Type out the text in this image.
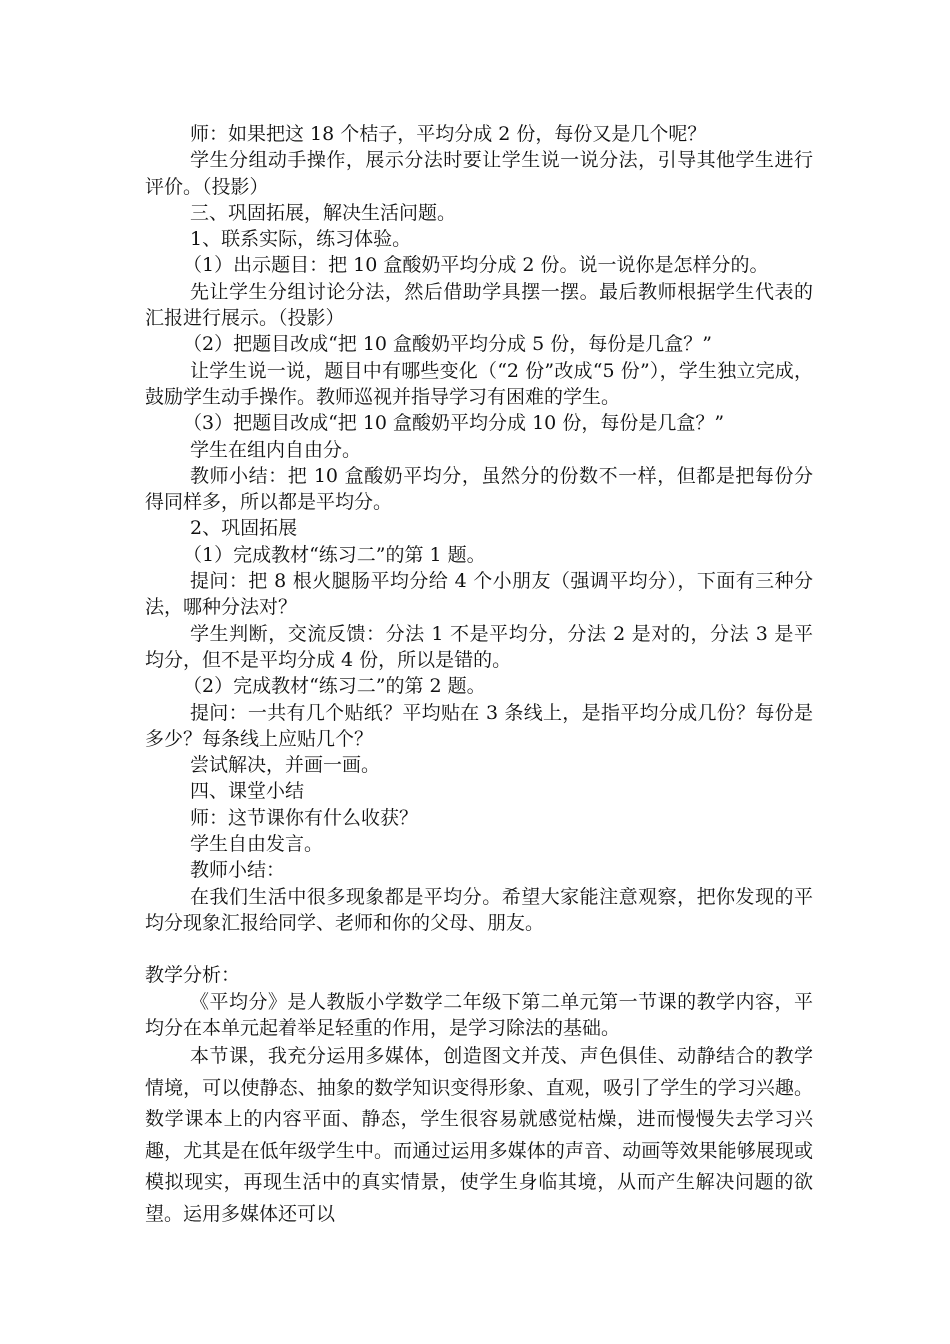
师：如果把这 18 个桔子，平均分成 2 份，每份又是几个呢？

学生分组动手操作，展示分法时要让学生说一说分法，引导其他学生进行评价。（投影）

三、巩固拓展，解决生活问题。

1、联系实际，练习体验。

（1）出示题目：把 10 盒酸奶平均分成 2 份。说一说你是怎样分的。

先让学生分组讨论分法，然后借助学具摆一摆。最后教师根据学生代表的汇报进行展示。（投影）

（2）把题目改成“把 10 盒酸奶平均分成 5 份，每份是几盒？”

让学生说一说，题目中有哪些变化（“2 份”改成“5 份”），学生独立完成，鼓励学生动手操作。教师巡视并指导学习有困难的学生。

（3）把题目改成“把 10 盒酸奶平均分成 10 份，每份是几盒？”

学生在组内自由分。

教师小结：把 10 盒酸奶平均分，虽然分的份数不一样，但都是把每份分得同样多，所以都是平均分。

2、巩固拓展

（1）完成教材“练习二”的第 1 题。

提问：把 8 根火腿肠平均分给 4 个小朋友（强调平均分），下面有三种分法，哪种分法对？

学生判断，交流反馈：分法 1 不是平均分，分法 2 是对的，分法 3 是平均分，但不是平均分成 4 份，所以是错的。

（2）完成教材“练习二”的第 2 题。

提问：一共有几个贴纸？平均贴在 3 条线上，是指平均分成几份？每份是多少？每条线上应贴几个？

尝试解决，并画一画。

四、课堂小结

师：这节课你有什么收获？

学生自由发言。

教师小结：

在我们生活中很多现象都是平均分。希望大家能注意观察，把你发现的平均分现象汇报给同学、老师和你的父母、朋友。

教学分析：

《平均分》是人教版小学数学二年级下第二单元第一节课的教学内容，平均分在本单元起着举足轻重的作用，是学习除法的基础。

本节课，我充分运用多媒体，创造图文并茂、声色俱佳、动静结合的教学情境，可以使静态、抽象的数学知识变得形象、直观，吸引了学生的学习兴趣。数学课本上的内容平面、静态，学生很容易就感觉枯燥，进而慢慢失去学习兴趣，尤其是在低年级学生中。而通过运用多媒体的声音、动画等效果能够展现或模拟现实，再现生活中的真实情景，使学生身临其境，从而产生解决问题的欲望。运用多媒体还可以
